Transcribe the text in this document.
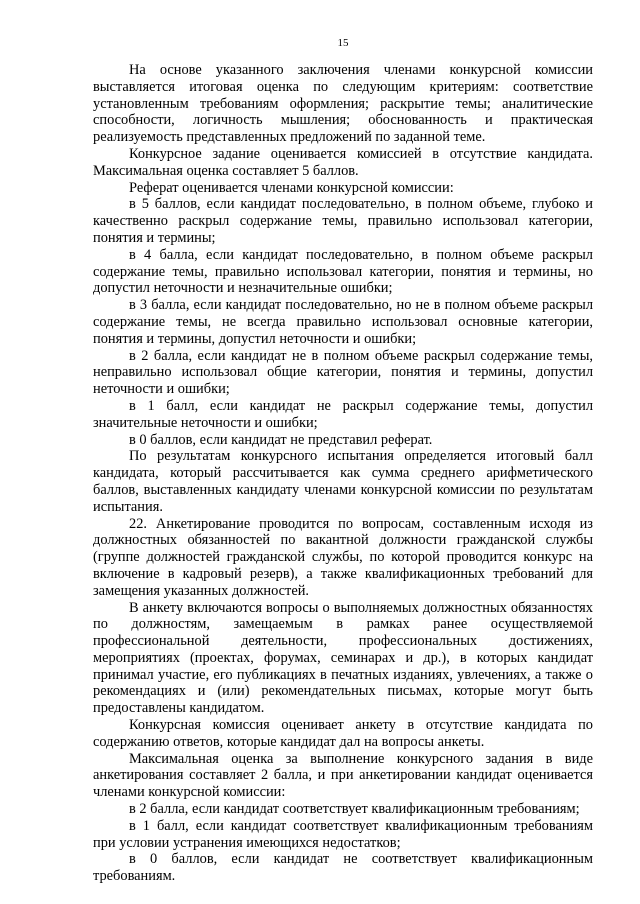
15

На основе указанного заключения членами конкурсной комиссии выставляется итоговая оценка по следующим критериям: соответствие установленным требованиям оформления; раскрытие темы; аналитические способности, логичность мышления; обоснованность и практическая реализуемость представленных предложений по заданной теме.

Конкурсное задание оценивается комиссией в отсутствие кандидата. Максимальная оценка составляет 5 баллов.

Реферат оценивается членами конкурсной комиссии:

в 5 баллов, если кандидат последовательно, в полном объеме, глубоко и качественно раскрыл содержание темы, правильно использовал категории, понятия и термины;

в 4 балла, если кандидат последовательно, в полном объеме раскрыл содержание темы, правильно использовал категории, понятия и термины, но допустил неточности и незначительные ошибки;

в 3 балла, если кандидат последовательно, но не в полном объеме раскрыл содержание темы, не всегда правильно использовал основные категории, понятия и термины, допустил неточности и ошибки;

в 2 балла, если кандидат не в полном объеме раскрыл содержание темы, неправильно использовал общие категории, понятия и термины, допустил неточности и ошибки;

в 1 балл, если кандидат не раскрыл содержание темы, допустил значительные неточности и ошибки;

в 0 баллов, если кандидат не представил реферат.

По результатам конкурсного испытания определяется итоговый балл кандидата, который рассчитывается как сумма среднего арифметического баллов, выставленных кандидату членами конкурсной комиссии по результатам испытания.

22. Анкетирование проводится по вопросам, составленным исходя из должностных обязанностей по вакантной должности гражданской службы (группе должностей гражданской службы, по которой проводится конкурс на включение в кадровый резерв), а также квалификационных требований для замещения указанных должностей.

В анкету включаются вопросы о выполняемых должностных обязанностях по должностям, замещаемым в рамках ранее осуществляемой профессиональной деятельности, профессиональных достижениях, мероприятиях (проектах, форумах, семинарах и др.), в которых кандидат принимал участие, его публикациях в печатных изданиях, увлечениях, а также о рекомендациях и (или) рекомендательных письмах, которые могут быть предоставлены кандидатом.

Конкурсная комиссия оценивает анкету в отсутствие кандидата по содержанию ответов, которые кандидат дал на вопросы анкеты.

Максимальная оценка за выполнение конкурсного задания в виде анкетирования составляет 2 балла, и при анкетировании кандидат оценивается членами конкурсной комиссии:

в 2 балла, если кандидат соответствует квалификационным требованиям;

в 1 балл, если кандидат соответствует квалификационным требованиям при условии устранения имеющихся недостатков;

в 0 баллов, если кандидат не соответствует квалификационным требованиям.
